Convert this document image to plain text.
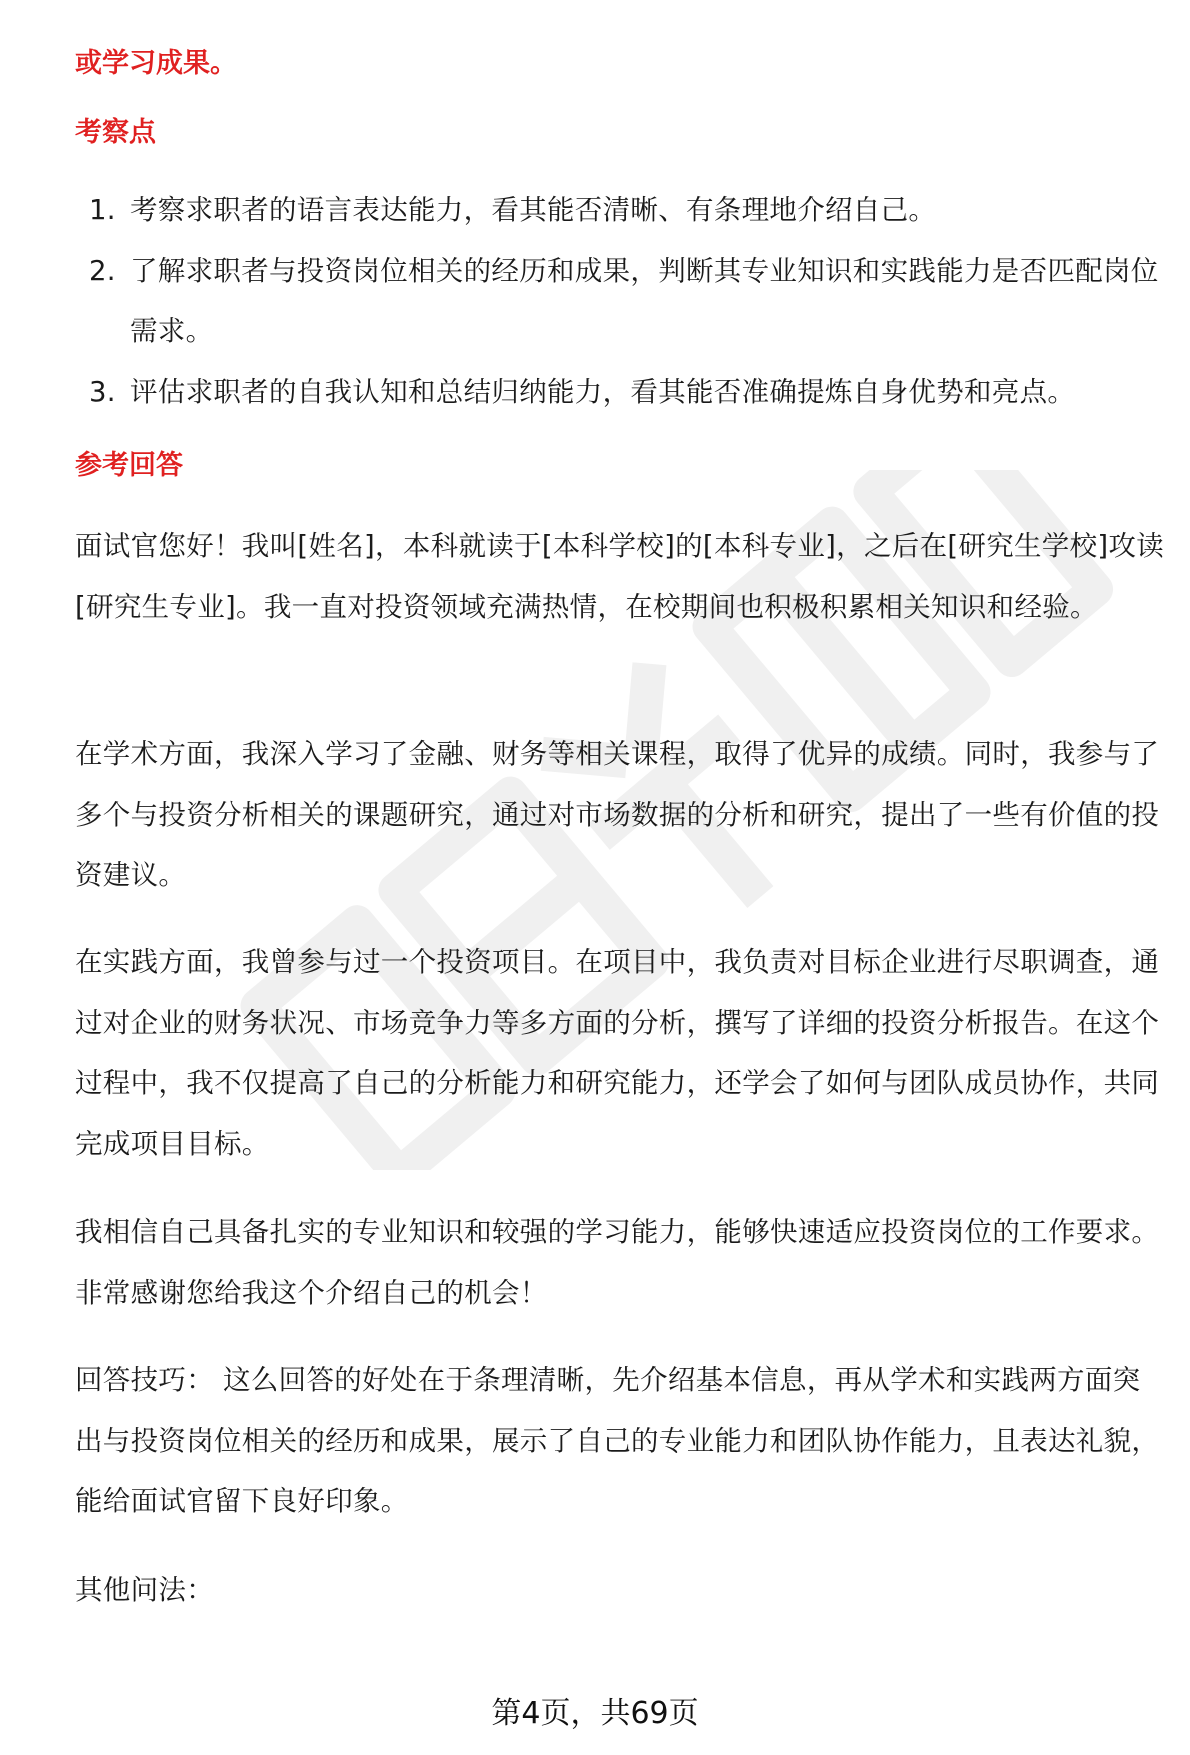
或学习成果。

考察点
1. 考察求职者的语言表达能力，看其能否清晰、有条理地介绍自己。
2. 了解求职者与投资岗位相关的经历和成果，判断其专业知识和实践能力是否匹配岗位需求。
3. 评估求职者的自我认知和总结归纳能力，看其能否准确提炼自身优势和亮点。
参考回答

面试官您好！我叫[姓名]，本科就读于[本科学校]的[本科专业]，之后在[研究生学校]攻读[研究生专业]。我一直对投资领域充满热情，在校期间也积极积累相关知识和经验。

在学术方面，我深入学习了金融、财务等相关课程，取得了优异的成绩。同时，我参与了多个与投资分析相关的课题研究，通过对市场数据的分析和研究，提出了一些有价值的投资建议。

在实践方面，我曾参与过一个投资项目。在项目中，我负责对目标企业进行尽职调查，通过对企业的财务状况、市场竞争力等多方面的分析，撰写了详细的投资分析报告。在这个过程中，我不仅提高了自己的分析能力和研究能力，还学会了如何与团队成员协作，共同完成项目目标。

我相信自己具备扎实的专业知识和较强的学习能力，能够快速适应投资岗位的工作要求。非常感谢您给我这个介绍自己的机会！

回答技巧： 这么回答的好处在于条理清晰，先介绍基本信息，再从学术和实践两方面突出与投资岗位相关的经历和成果，展示了自己的专业能力和团队协作能力，且表达礼貌，能给面试官留下良好印象。

其他问法：

第4页，共69页
